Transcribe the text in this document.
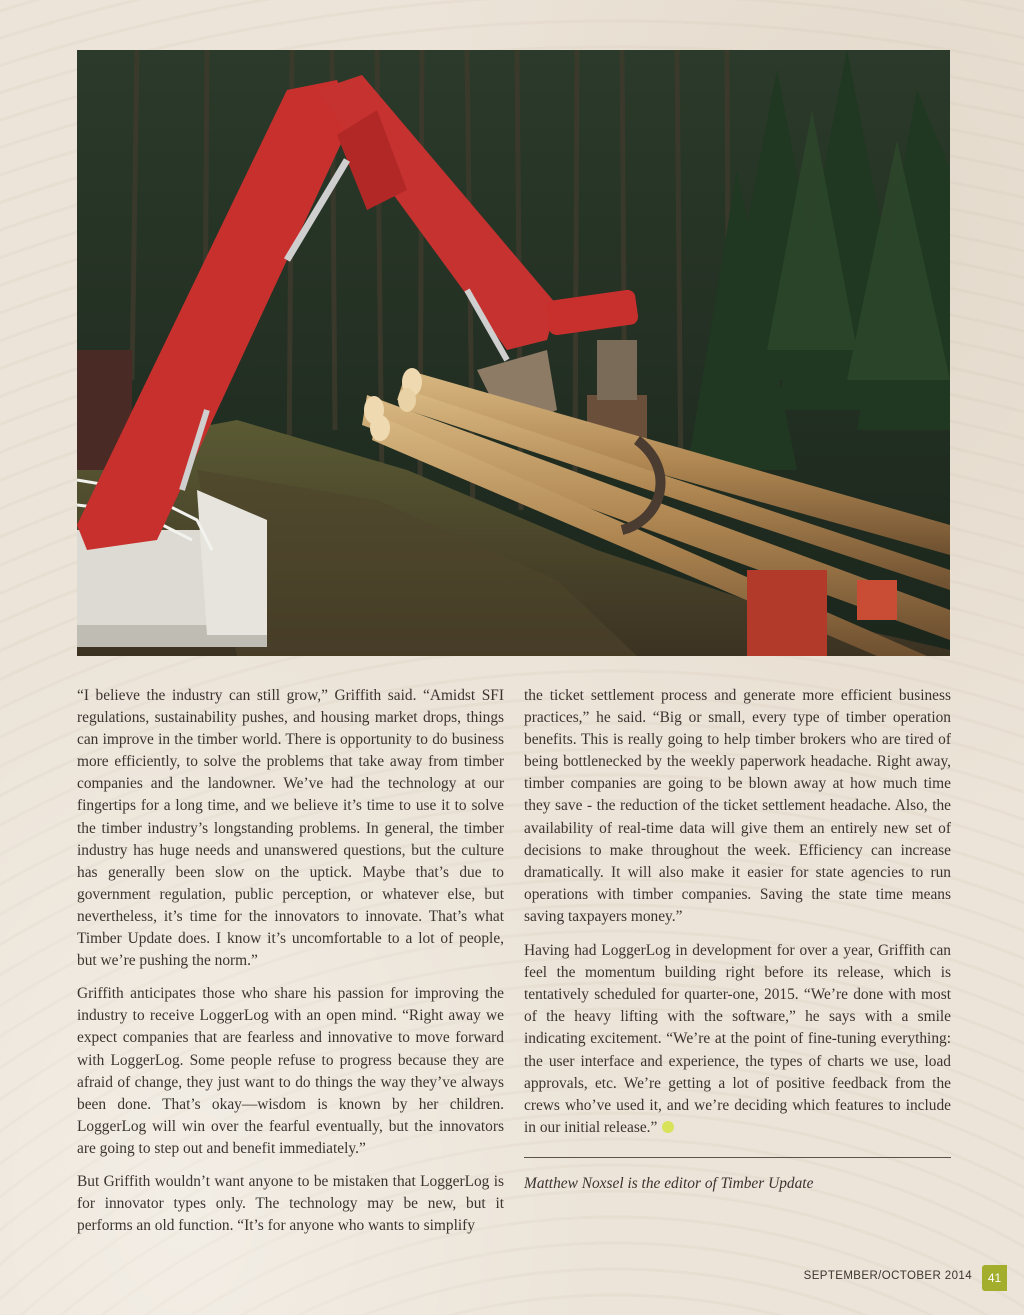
“I believe the industry can still grow,” Griffith said. “Amidst SFI regulations, sustainability pushes, and housing market drops, things can improve in the timber world. There is opportunity to do business more efficiently, to solve the problems that take away from timber companies and the landowner. We’ve had the technology at our fingertips for a long time, and we believe it’s time to use it to solve the timber industry’s longstanding problems. In general, the timber industry has huge needs and unanswered questions, but the culture has generally been slow on the uptick. Maybe that’s due to government regulation, public perception, or whatever else, but nevertheless, it’s time for the innovators to innovate. That’s what Timber Update does. I know it’s uncomfortable to a lot of people, but we’re pushing the norm.”

Griffith anticipates those who share his passion for improving the industry to receive LoggerLog with an open mind. “Right away we expect companies that are fearless and innovative to move forward with LoggerLog. Some people refuse to progress because they are afraid of change, they just want to do things the way they’ve always been done. That’s okay—wisdom is known by her children. LoggerLog will win over the fearful eventually, but the innovators are going to step out and benefit immediately.”

But Griffith wouldn’t want anyone to be mistaken that LoggerLog is for innovator types only. The technology may be new, but it performs an old function. “It’s for anyone who wants to simplify

the ticket settlement process and generate more efficient business practices,” he said. “Big or small, every type of timber operation benefits. This is really going to help timber brokers who are tired of being bottlenecked by the weekly paperwork headache. Right away, timber companies are going to be blown away at how much time they save - the reduction of the ticket settlement headache. Also, the availability of real-time data will give them an entirely new set of decisions to make throughout the week. Efficiency can increase dramatically. It will also make it easier for state agencies to run operations with timber companies. Saving the state time means saving taxpayers money.”

Having had LoggerLog in development for over a year, Griffith can feel the momentum building right before its release, which is tentatively scheduled for quarter-one, 2015. “We’re done with most of the heavy lifting with the software,” he says with a smile indicating excitement. “We’re at the point of fine-tuning everything: the user interface and experience, the types of charts we use, load approvals, etc. We’re getting a lot of positive feedback from the crews who’ve used it, and we’re deciding which features to include in our initial release.”

Matthew Noxsel is the editor of Timber Update
SEPTEMBER/OCTOBER 2014	41
